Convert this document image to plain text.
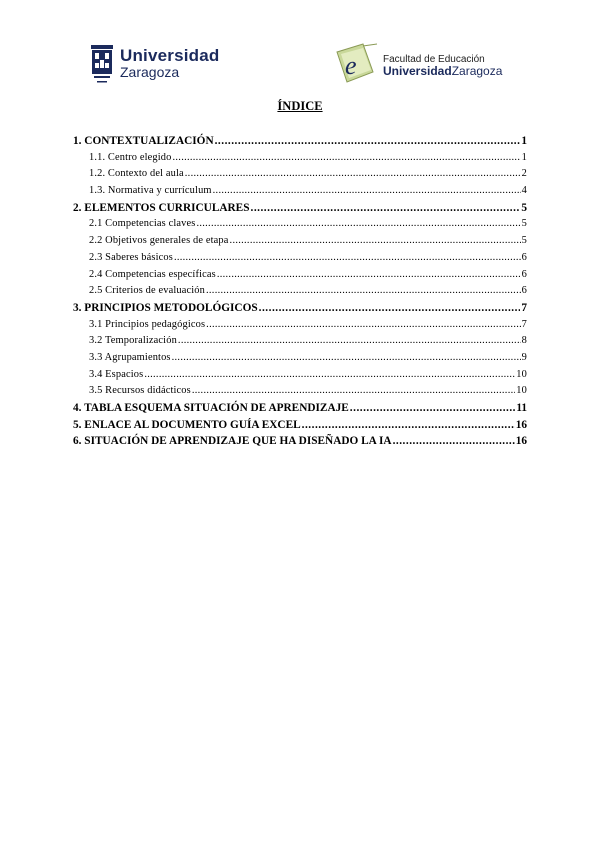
Universidad
Zaragoza	e	Facultad de Educación
UniversidadZaragoza
ÍNDICE
1. CONTEXTUALIZACIÓN .....	1
1.1. Centro elegido .....	1
1.2. Contexto del aula .....	2
1.3. Normativa y currículum .....	4
2. ELEMENTOS CURRICULARES .....	5
2.1 Competencias claves .....	5
2.2 Objetivos generales de etapa .....	5
2.3 Saberes básicos .....	6
2.4 Competencias específicas .....	6
2.5 Criterios de evaluación .....	6
3. PRINCIPIOS METODOLÓGICOS .....	7
3.1 Principios pedagógicos .....	7
3.2 Temporalización .....	8
3.3 Agrupamientos .....	9
3.4 Espacios .....	10
3.5 Recursos didácticos .....	10
4. TABLA ESQUEMA SITUACIÓN DE APRENDIZAJE .....	11
5. ENLACE AL DOCUMENTO GUÍA EXCEL .....	16
6. SITUACIÓN DE APRENDIZAJE QUE HA DISEÑADO LA IA .....	16
